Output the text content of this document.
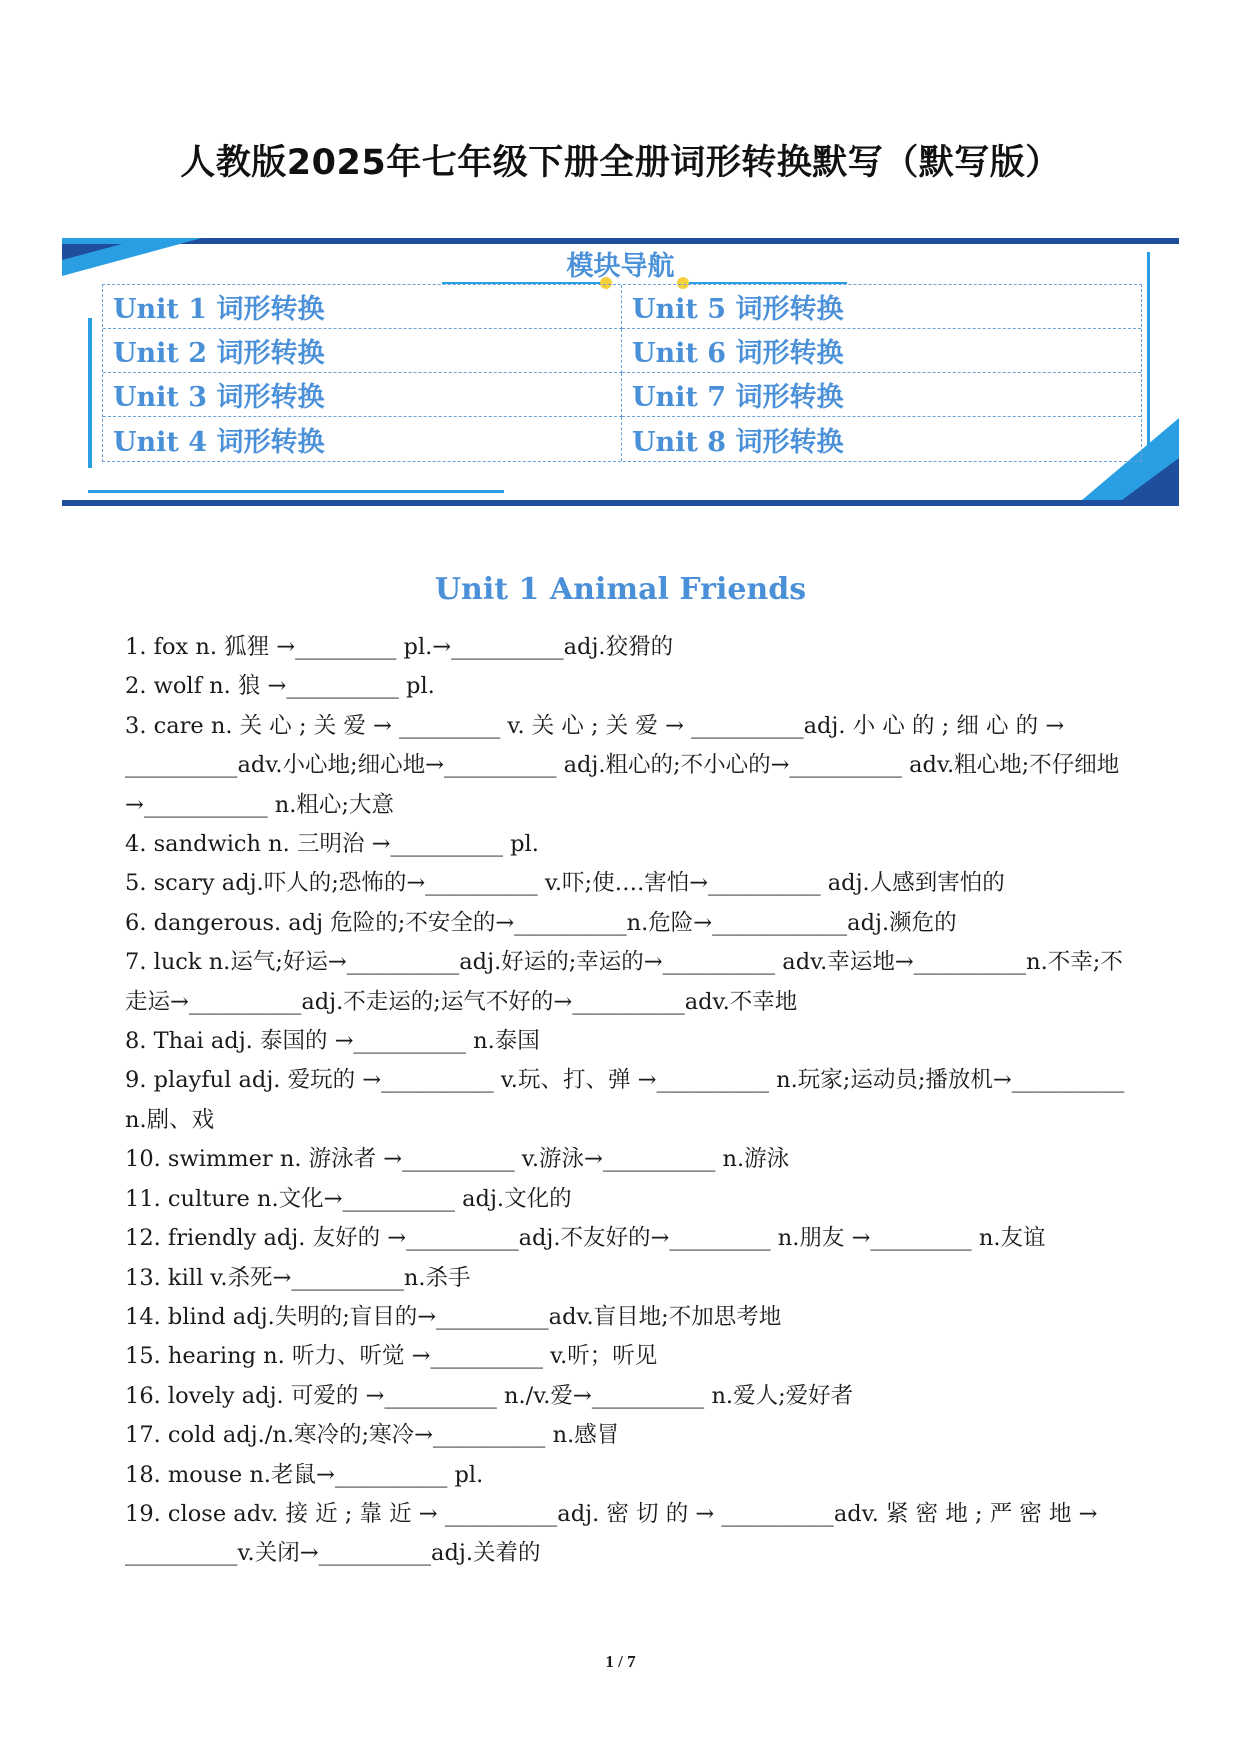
人教版2025年七年级下册全册词形转换默写（默写版）
模块导航
Unit 1 词形转换	Unit 5 词形转换
Unit 2 词形转换	Unit 6 词形转换
Unit 3 词形转换	Unit 7 词形转换
Unit 4 词形转换	Unit 8 词形转换
Unit 1 Animal Friends

1. fox n. 狐狸 →_________ pl.→__________adj.狡猾的

2. wolf n. 狼 →__________ pl.

3. care n. 关 心 ; 关 爱 → _________ v. 关 心 ; 关 爱 → __________adj. 小 心 的 ; 细 心 的 → __________adv.小心地;细心地→__________ adj.粗心的;不小心的→__________ adv.粗心地;不仔细地→___________ n.粗心;大意

4. sandwich n. 三明治 →__________ pl.

5. scary adj.吓人的;恐怖的→__________ v.吓;使….害怕→__________ adj.人感到害怕的

6. dangerous. adj 危险的;不安全的→__________n.危险→____________adj.濒危的

7. luck n.运气;好运→__________adj.好运的;幸运的→__________ adv.幸运地→__________n.不幸;不走运→__________adj.不走运的;运气不好的→__________adv.不幸地

8. Thai adj. 泰国的 →__________ n.泰国

9. playful adj. 爱玩的 →__________ v.玩、打、弹 →__________ n.玩家;运动员;播放机→__________ n.剧、戏

10. swimmer n. 游泳者 →__________ v.游泳→__________ n.游泳

11. culture n.文化→__________ adj.文化的

12. friendly adj. 友好的 →__________adj.不友好的→_________ n.朋友 →_________ n.友谊

13. kill v.杀死→__________n.杀手

14. blind adj.失明的;盲目的→__________adv.盲目地;不加思考地

15. hearing n. 听力、听觉 →__________ v.听；听见

16. lovely adj. 可爱的 →__________ n./v.爱→__________ n.爱人;爱好者

17. cold adj./n.寒冷的;寒冷→__________ n.感冒

18. mouse n.老鼠→__________ pl.

19. close adv. 接 近 ; 靠 近 → __________adj. 密 切 的 → __________adv. 紧 密 地 ; 严 密 地 → __________v.关闭→__________adj.关着的

1 / 7
